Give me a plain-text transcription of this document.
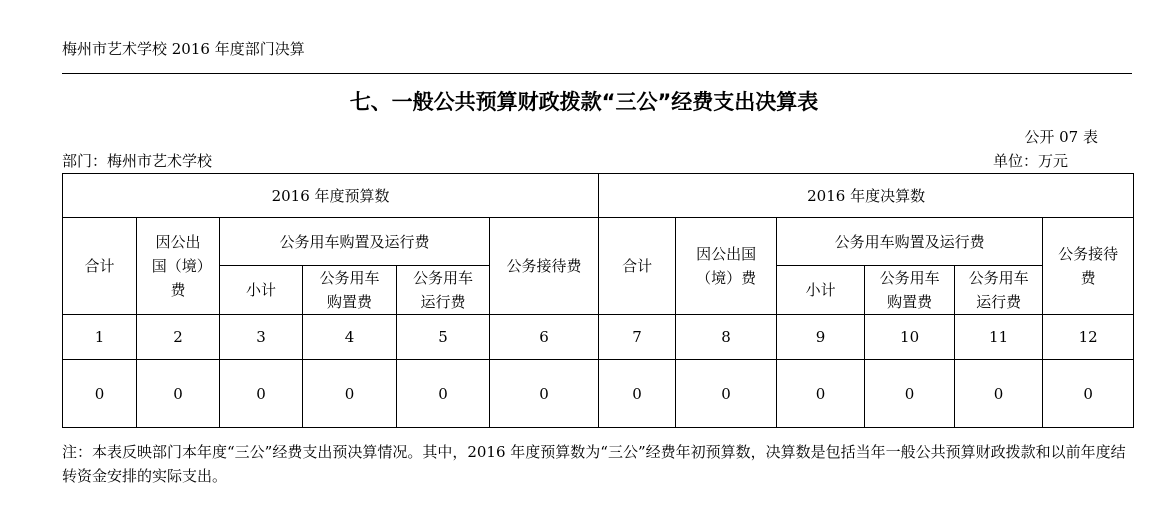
梅州市艺术学校 2016 年度部门决算
七、一般公共预算财政拨款“三公”经费支出决算表
公开 07 表
部门：梅州市艺术学校	单位：万元
2016 年度预算数						2016 年度决算数					
合计	因公出国（境）费	公务用车购置及运行费			公务接待费	合计	因公出国（境）费	公务用车购置及运行费			公务接待费
		小计	公务用车购置费	公务用车运行费				小计	公务用车购置费	公务用车运行费	
1	2	3	4	5	6	7	8	9	10	11	12
0	0	0	0	0	0	0	0	0	0	0	0
注：本表反映部门本年度“三公”经费支出预决算情况。其中，2016 年度预算数为“三公”经费年初预算数，决算数是包括当年一般公共预算财政拨款和以前年度结转资金安排的实际支出。
